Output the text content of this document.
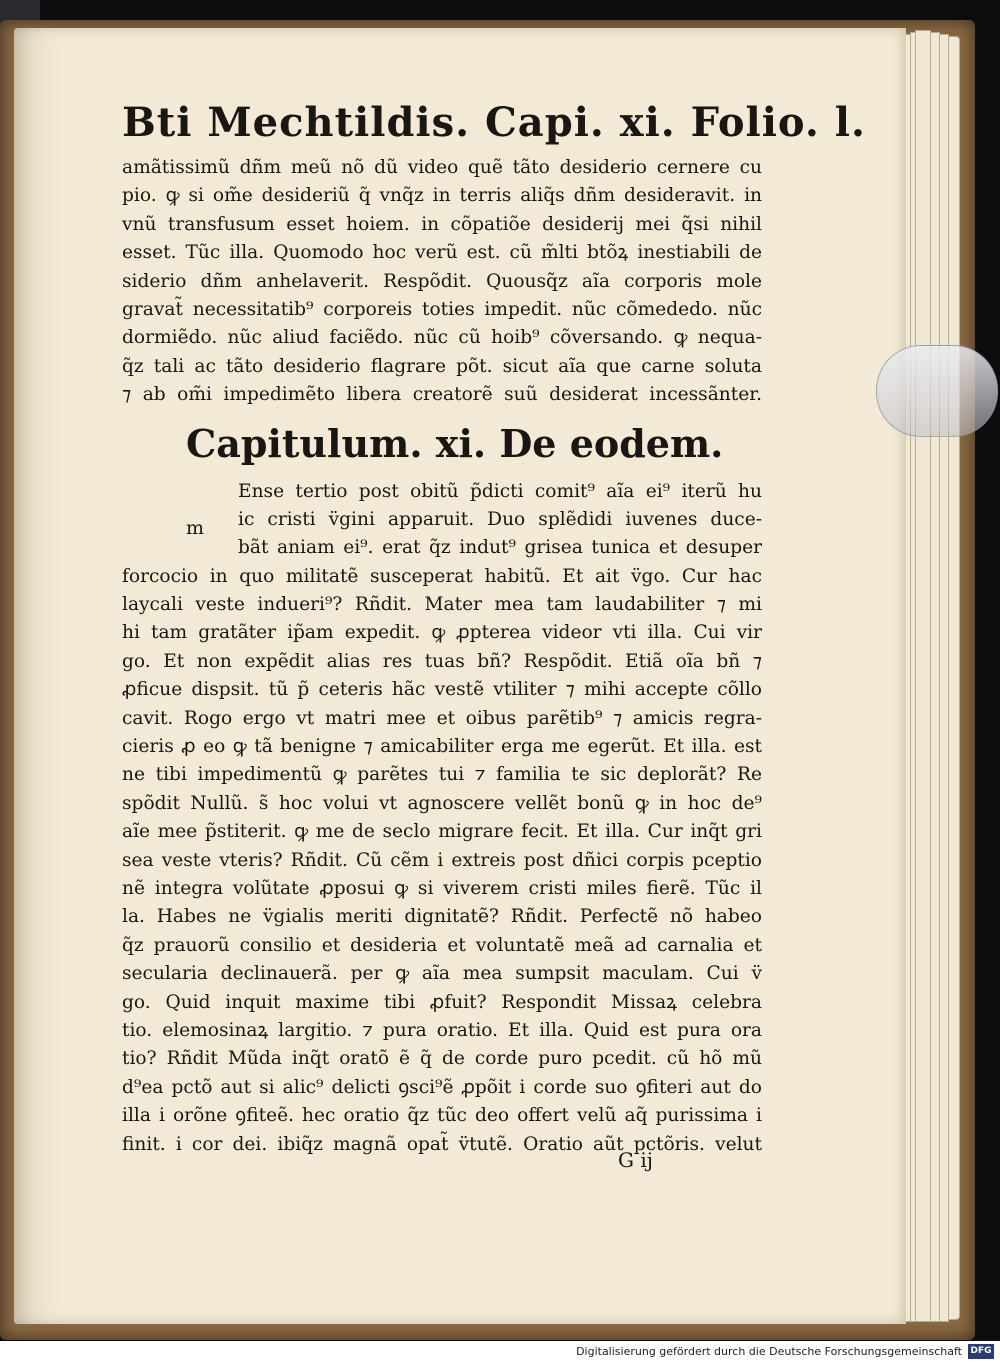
Bti Mechtildis. Capi. xi. Folio. l.
amãtissimũ dñm meũ nõ dũ video quẽ tãto desiderio cernere cu
pio. ꝙ si om̃e desideriũ q̃ vnq̃z in terris aliq̃s dñm desideravit. in
vnũ transfusum esset hoiem. in cõpatiõe desiderij mei q̃si nihil
esset. Tũc illa. Quomodo hoc verũ est. cũ m̃lti btõꝝ inestiabili de
siderio dñm anhelaverit. Respõdit. Quousq̃z aĩa corporis mole
gravat̃ necessitatib⁹ corporeis toties impedit. nũc cõmededo. nũc
dormiẽdo. nũc aliud faciẽdo. nũc cũ hoib⁹ cõversando. ꝙ nequa-
q̃z tali ac tãto desiderio flagrare põt. sicut aĩa que carne soluta
⁊ ab om̃i impedimẽto libera creatorẽ suũ desiderat incessãnter.
Capitulum. xi. De eodem.
m
Ense tertio post obitũ p̃dicti comit⁹ aĩa ei⁹ iterũ hu
ic cristi v̈gini apparuit. Duo splẽdidi iuvenes duce-
bãt aniam ei⁹. erat q̃z indut⁹ grisea tunica et desuper
forcocio in quo militatẽ susceperat habitũ. Et ait v̈go. Cur hac
laycali veste indueri⁹? Rñdit. Mater mea tam laudabiliter ⁊ mi
hi tam gratãter ip̃am expedit. ꝙ ꝓpterea videor vti illa. Cui vir
go. Et non expẽdit alias res tuas bñ? Respõdit. Etiã oĩa bñ ⁊
ꝓficue dispsit. tũ p̃ ceteris hãc vestẽ vtiliter ⁊ mihi accepte cõllo
cavit. Rogo ergo vt matri mee et oibus parẽtib⁹ ⁊ amicis regra-
cieris ꝓ eo ꝙ tã benigne ⁊ amicabiliter erga me egerũt. Et illa. est
ne tibi impedimentũ ꝙ parẽtes tui ⁊ familia te sic deplorãt? Re
spõdit Nullũ. s̃ hoc volui vt agnoscere vellẽt bonũ ꝙ in hoc de⁹
aĩe mee p̃stiterit. ꝙ me de seclo migrare fecit. Et illa. Cur inq̃t gri
sea veste vteris? Rñdit. Cũ cẽm i extreis post dñici corpis pceptio
nẽ integra volũtate ꝓposui ꝙ si viverem cristi miles fierẽ. Tũc il
la. Habes ne v̈gialis meriti dignitatẽ? Rñdit. Perfectẽ nõ habeo
q̃z prauorũ consilio et desideria et voluntatẽ meã ad carnalia et
secularia declinauerã. per ꝙ aĩa mea sumpsit maculam. Cui v̈
go. Quid inquit maxime tibi ꝓfuit? Respondit Missaꝝ celebra
tio. elemosinaꝝ largitio. ⁊ pura oratio. Et illa. Quid est pura ora
tio? Rñdit Mũda inq̃t oratõ ẽ q̃ de corde puro pcedit. cũ hõ mũ
d⁹ea pctõ aut si alic⁹ delicti ꝯsci⁹ẽ ꝓpõit i corde suo ꝯfiteri aut do
illa i orõne ꝯfiteẽ. hec oratio q̃z tũc deo offert velũ aq̃ purissima i
finit. i cor dei. ibiq̃z magnã opat̃ v̈tutẽ. Oratio aũt pctõris. velut
G ij
Digitalisierung gefördert durch die Deutsche Forschungsgemeinschaft DFG
